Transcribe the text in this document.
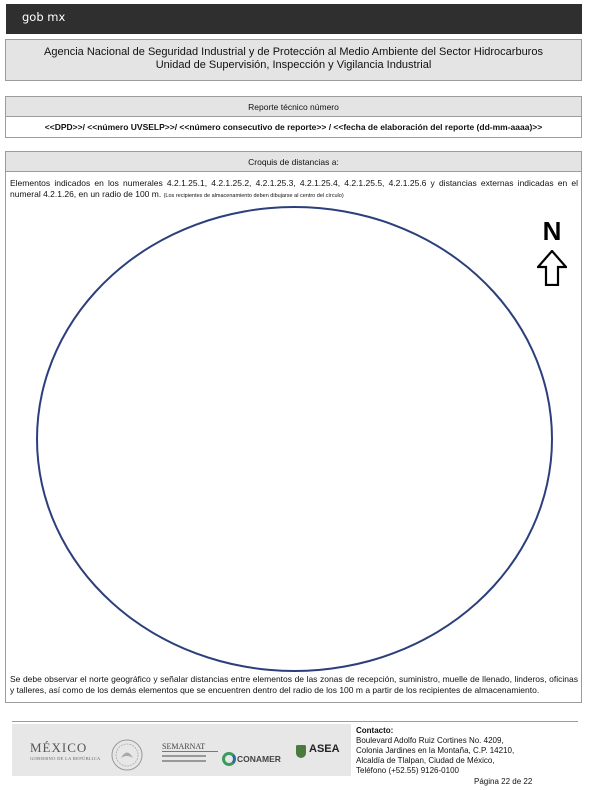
gob mx
Agencia Nacional de Seguridad Industrial y de Protección al Medio Ambiente del Sector Hidrocarburos
Unidad de Supervisión, Inspección y Vigilancia Industrial
Reporte técnico número
<<DPD>>/ <<número UVSELP>>/ <<número consecutivo de reporte>> / <<fecha de elaboración del reporte (dd-mm-aaaa)>>
Croquis de distancias a:
Elementos indicados en los numerales 4.2.1.25.1, 4.2.1.25.2, 4.2.1.25.3, 4.2.1.25.4, 4.2.1.25.5, 4.2.1.25.6 y distancias externas indicadas en el numeral 4.2.1.26, en un radio de 100 m. (Los recipientes de almacenamiento deben dibujarse al centro del círculo)
Se debe observar el norte geográfico y señalar distancias entre elementos de las zonas de recepción, suministro, muelle de llenado, linderos, oficinas y talleres, así como de los demás elementos que se encuentren dentro del radio de los 100 m a partir de los recipientes de almacenamiento.
N
MÉXICO
GOBIERNO DE LA REPÚBLICA
SEMARNAT
CONAMER
ASEA
Contacto:
Boulevard Adolfo Ruiz Cortines No. 4209,
Colonia Jardines en la Montaña, C.P. 14210,
Alcaldía de Tlalpan, Ciudad de México,
Teléfono (+52.55) 9126-0100
Página 22 de 22
